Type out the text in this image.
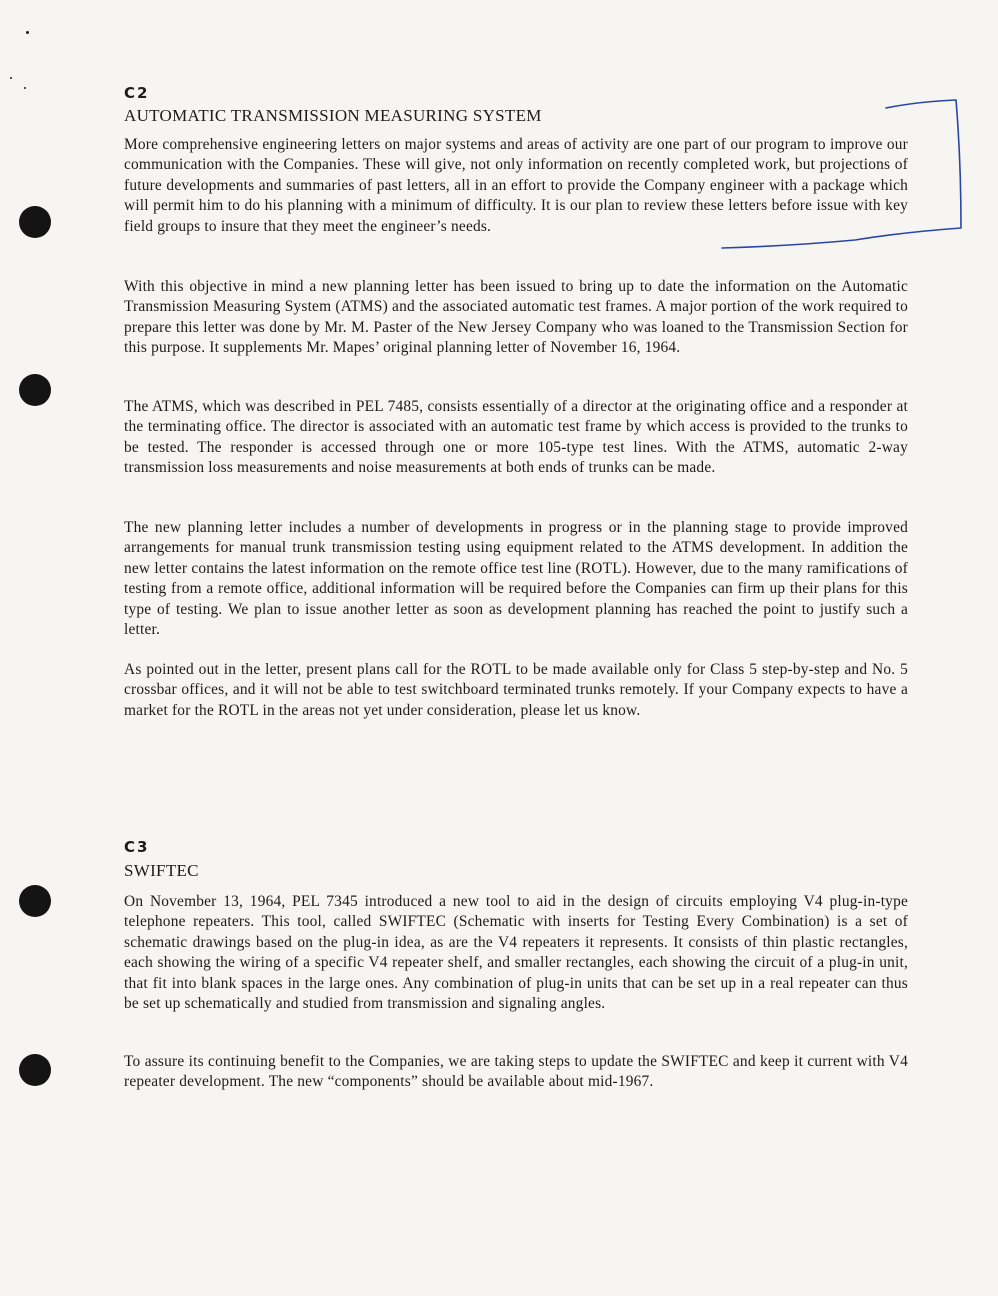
C2
AUTOMATIC TRANSMISSION MEASURING SYSTEM

More comprehensive engineering letters on major systems and areas of activity are one part of our program to improve our communication with the Companies. These will give, not only information on recently completed work, but projections of future developments and summaries of past letters, all in an effort to provide the Company engineer with a package which will permit him to do his planning with a minimum of difficulty. It is our plan to review these letters before issue with key field groups to insure that they meet the engineer’s needs.

With this objective in mind a new planning letter has been issued to bring up to date the information on the Automatic Transmission Measuring System (ATMS) and the associated automatic test frames. A major portion of the work required to prepare this letter was done by Mr. M. Paster of the New Jersey Company who was loaned to the Transmission Section for this purpose. It supplements Mr. Mapes’ original planning letter of November 16, 1964.

The ATMS, which was described in PEL 7485, consists essentially of a director at the originating office and a responder at the terminating office. The director is associated with an automatic test frame by which access is provided to the trunks to be tested. The responder is accessed through one or more 105-type test lines. With the ATMS, automatic 2-way transmission loss measurements and noise measurements at both ends of trunks can be made.

The new planning letter includes a number of developments in progress or in the planning stage to provide improved arrangements for manual trunk transmission testing using equipment related to the ATMS development. In addition the new letter contains the latest information on the remote office test line (ROTL). However, due to the many ramifications of testing from a remote office, additional information will be required before the Companies can firm up their plans for this type of testing. We plan to issue another letter as soon as development planning has reached the point to justify such a letter.

As pointed out in the letter, present plans call for the ROTL to be made available only for Class 5 step-by-step and No. 5 crossbar offices, and it will not be able to test switchboard terminated trunks remotely. If your Company expects to have a market for the ROTL in the areas not yet under consideration, please let us know.

C3
SWIFTEC

On November 13, 1964, PEL 7345 introduced a new tool to aid in the design of circuits employing V4 plug-in-type telephone repeaters. This tool, called SWIFTEC (Schematic with inserts for Testing Every Combination) is a set of schematic drawings based on the plug-in idea, as are the V4 repeaters it represents. It consists of thin plastic rectangles, each showing the wiring of a specific V4 repeater shelf, and smaller rectangles, each showing the circuit of a plug-in unit, that fit into blank spaces in the large ones. Any combination of plug-in units that can be set up in a real repeater can thus be set up schematically and studied from transmission and signaling angles.

To assure its continuing benefit to the Companies, we are taking steps to update the SWIFTEC and keep it current with V4 repeater development. The new “components” should be available about mid-1967.
